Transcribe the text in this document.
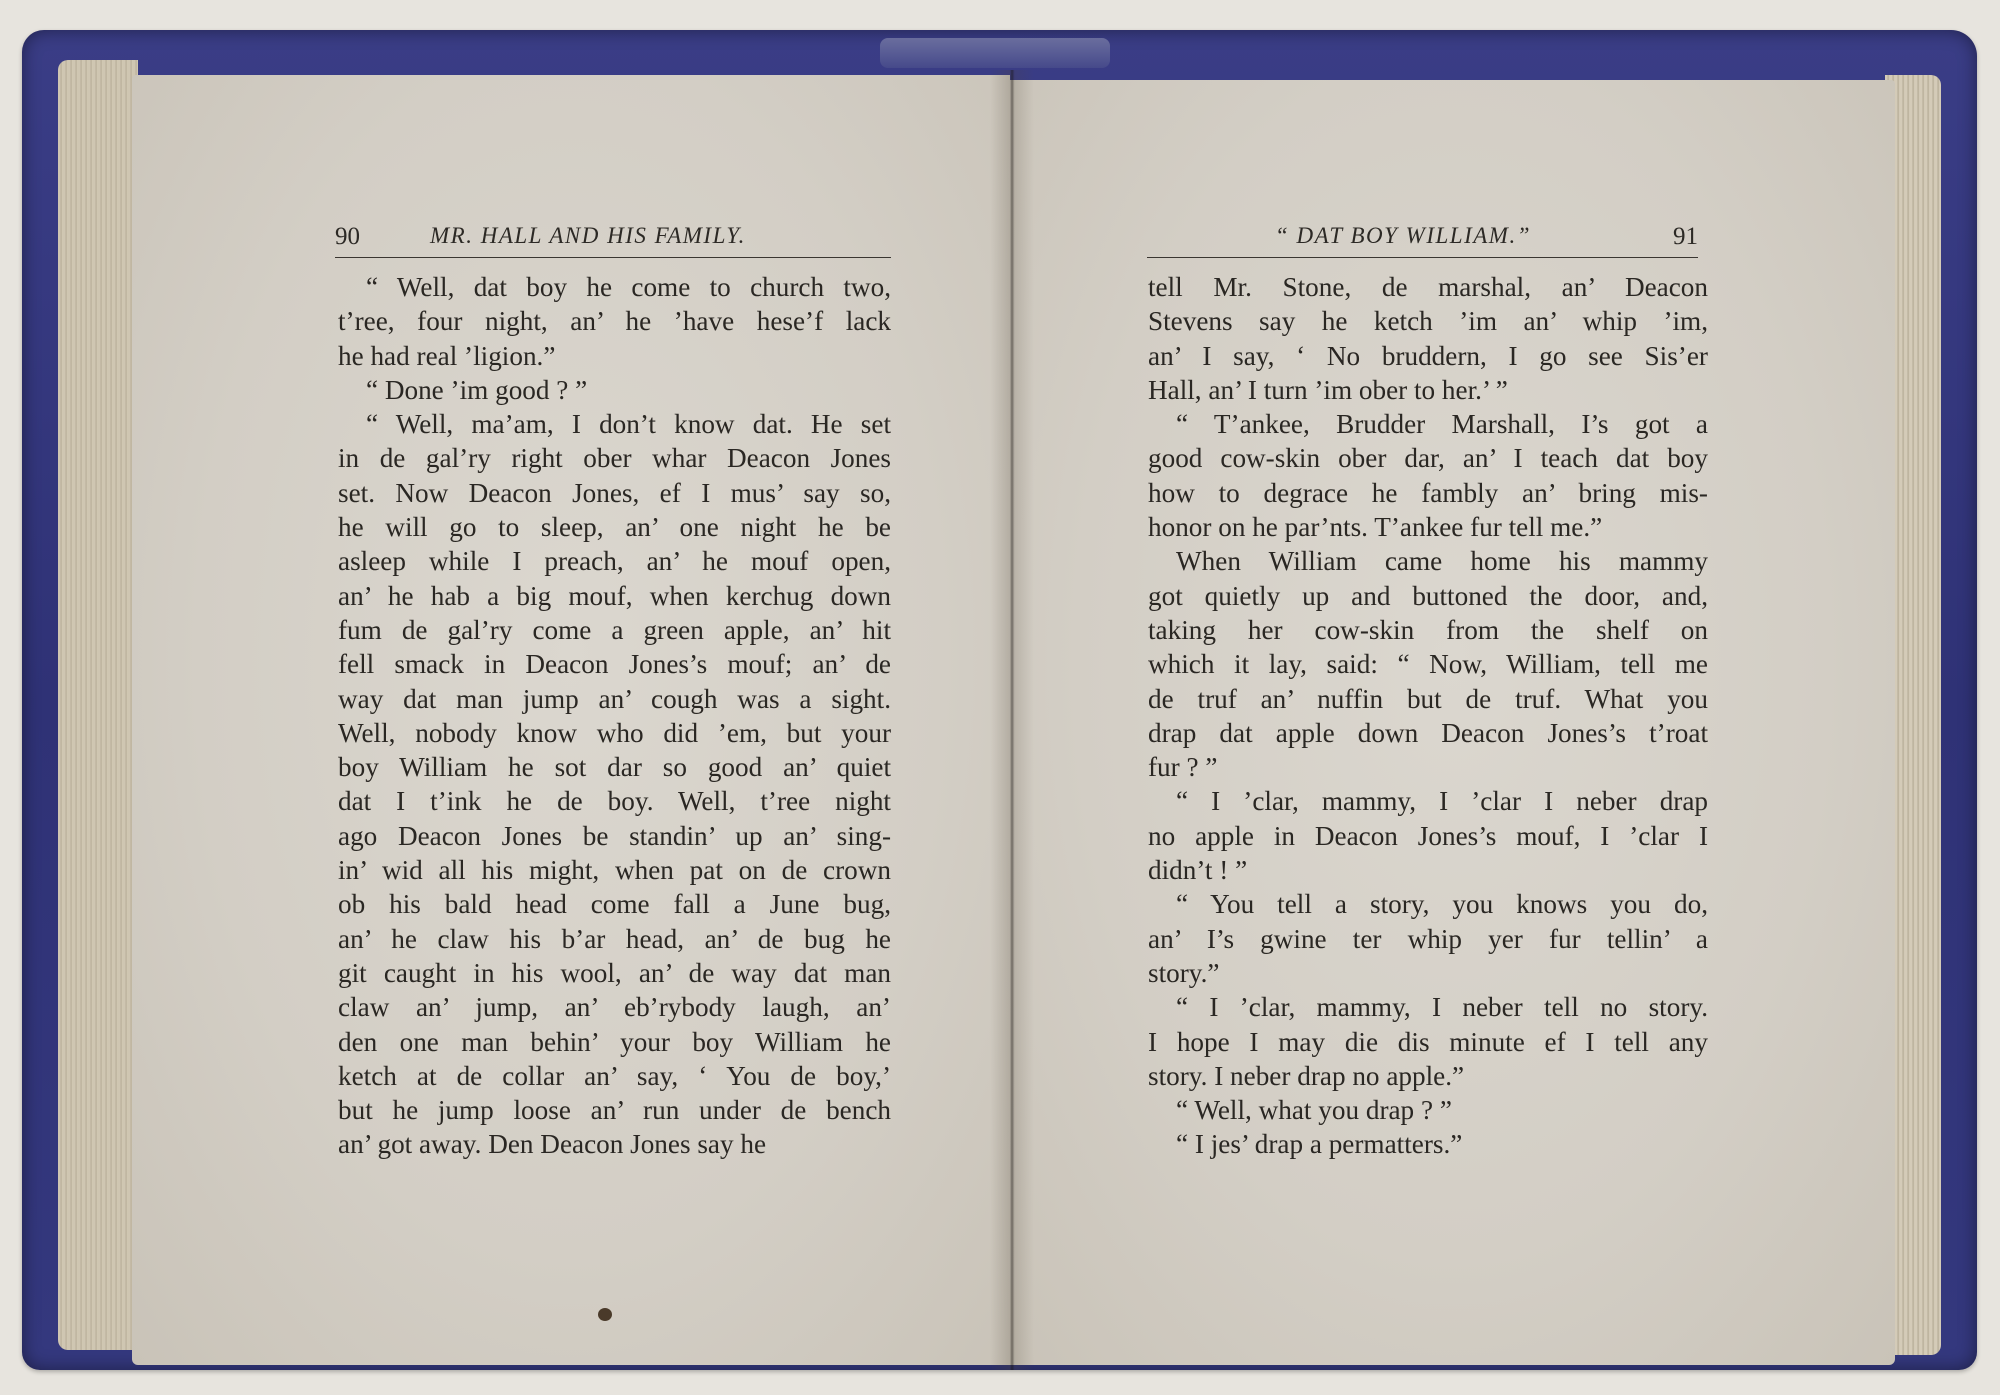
90	MR. HALL AND HIS FAMILY.	“ DAT BOY WILLIAM.”	91
“ Well, dat boy he come to church two,
t’ree, four night, an’ he ’have hese’f lack
he had real ’ligion.”
“ Done ’im good ? ”
“ Well, ma’am, I don’t know dat. He set
in de gal’ry right ober whar Deacon Jones
set. Now Deacon Jones, ef I mus’ say so,
he will go to sleep, an’ one night he be
asleep while I preach, an’ he mouf open,
an’ he hab a big mouf, when kerchug down
fum de gal’ry come a green apple, an’ hit
fell smack in Deacon Jones’s mouf; an’ de
way dat man jump an’ cough was a sight.
Well, nobody know who did ’em, but your
boy William he sot dar so good an’ quiet
dat I t’ink he de boy. Well, t’ree night
ago Deacon Jones be standin’ up an’ sing-
in’ wid all his might, when pat on de crown
ob his bald head come fall a June bug,
an’ he claw his b’ar head, an’ de bug he
git caught in his wool, an’ de way dat man
claw an’ jump, an’ eb’rybody laugh, an’
den one man behin’ your boy William he
ketch at de collar an’ say, ‘ You de boy,’
but he jump loose an’ run under de bench
an’ got away. Den Deacon Jones say he
tell Mr. Stone, de marshal, an’ Deacon
Stevens say he ketch ’im an’ whip ’im,
an’ I say, ‘ No bruddern, I go see Sis’er
Hall, an’ I turn ’im ober to her.’ ”
“ T’ankee, Brudder Marshall, I’s got a
good cow-skin ober dar, an’ I teach dat boy
how to degrace he fambly an’ bring mis-
honor on he par’nts. T’ankee fur tell me.”
When William came home his mammy
got quietly up and buttoned the door, and,
taking her cow-skin from the shelf on
which it lay, said: “ Now, William, tell me
de truf an’ nuffin but de truf. What you
drap dat apple down Deacon Jones’s t’roat
fur ? ”
“ I ’clar, mammy, I ’clar I neber drap
no apple in Deacon Jones’s mouf, I ’clar I
didn’t ! ”
“ You tell a story, you knows you do,
an’ I’s gwine ter whip yer fur tellin’ a
story.”
“ I ’clar, mammy, I neber tell no story.
I hope I may die dis minute ef I tell any
story. I neber drap no apple.”
“ Well, what you drap ? ”
“ I jes’ drap a permatters.”
